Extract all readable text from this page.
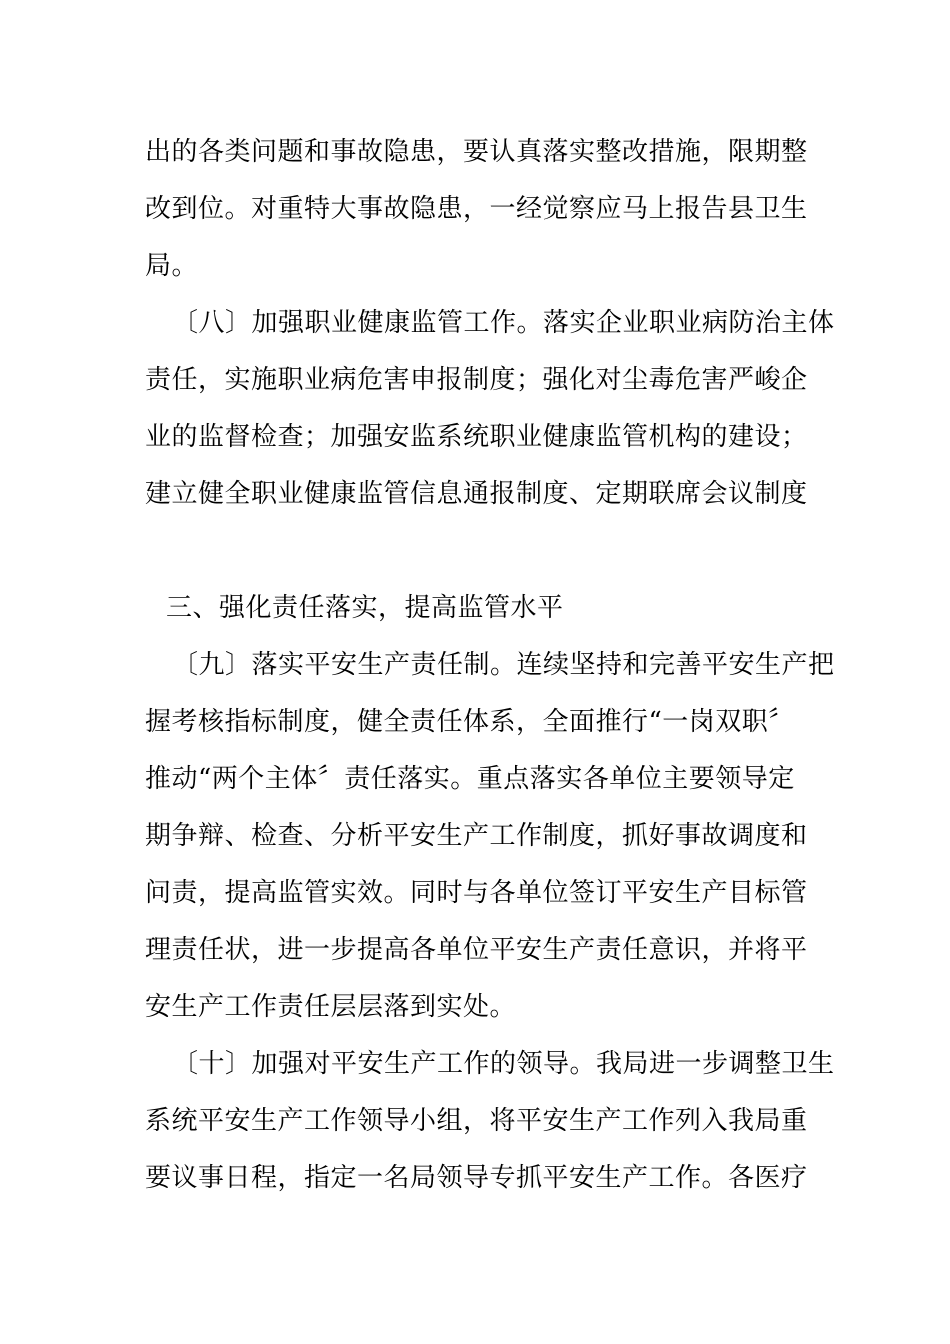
出的各类问题和事故隐患，要认真落实整改措施，限期整
改到位。对重特大事故隐患，一经觉察应马上报告县卫生
局。
〔八〕加强职业健康监管工作。落实企业职业病防治主体
责任，实施职业病危害申报制度；强化对尘毒危害严峻企
业的监督检查；加强安监系统职业健康监管机构的建设；
建立健全职业健康监管信息通报制度、定期联席会议制度
三、强化责任落实，提高监管水平
〔九〕落实平安生产责任制。连续坚持和完善平安生产把
握考核指标制度，健全责任体系，全面推行“一岗双职〞
推动“两个主体〞责任落实。重点落实各单位主要领导定
期争辩、检查、分析平安生产工作制度，抓好事故调度和
问责，提高监管实效。同时与各单位签订平安生产目标管
理责任状，进一步提高各单位平安生产责任意识，并将平
安生产工作责任层层落到实处。
〔十〕加强对平安生产工作的领导。我局进一步调整卫生
系统平安生产工作领导小组，将平安生产工作列入我局重
要议事日程，指定一名局领导专抓平安生产工作。各医疗
